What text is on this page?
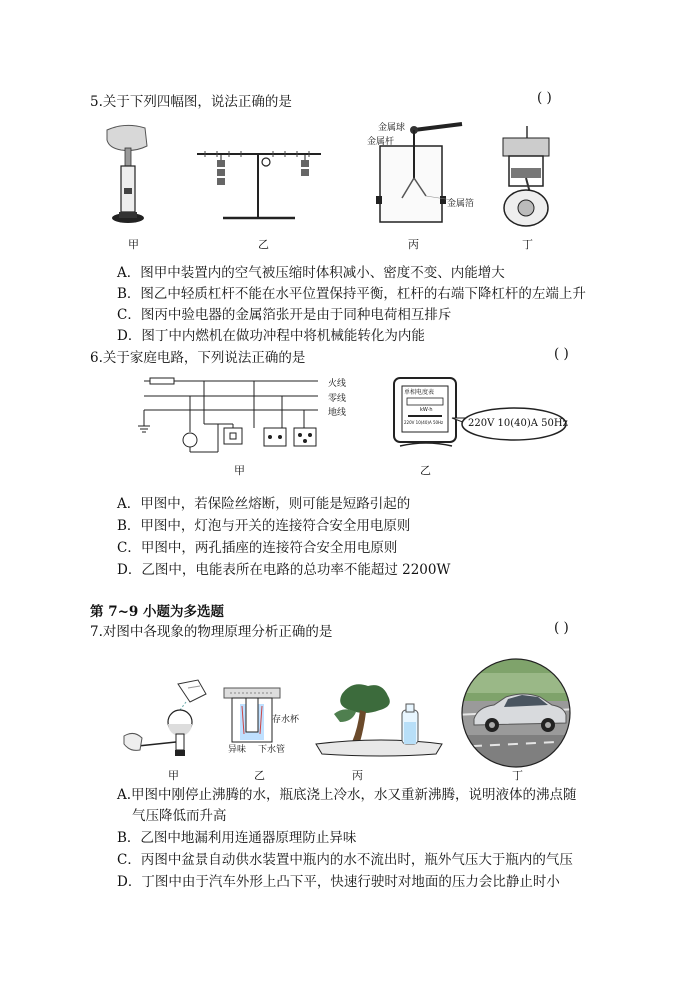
5.关于下列四幅图，说法正确的是	( )
甲	乙
金属球
金属杆
金属箔
丙	丁
A．图甲中装置内的空气被压缩时体积减小、密度不变、内能增大
B．图乙中轻质杠杆不能在水平位置保持平衡，杠杆的右端下降杠杆的左端上升
C．图丙中验电器的金属箔张开是由于同种电荷相互排斥
D．图丁中内燃机在做功冲程中将机械能转化为内能
6.关于家庭电路，下列说法正确的是	( )
火线
零线
地线
甲
单相电度表
kW·h
220V 10(40)A 50Hz 220V 10(40)A 50Hz
乙
A．甲图中，若保险丝熔断，则可能是短路引起的
B．甲图中，灯泡与开关的连接符合安全用电原则
C．甲图中，两孔插座的连接符合安全用电原则
D．乙图中，电能表所在电路的总功率不能超过 2200W
第 7~9 小题为多选题
7.对图中各现象的物理原理分析正确的是	( )
甲
存水杯
异味 下水管
乙	丙	丁
A.甲图中刚停止沸腾的水，瓶底浇上冷水，水又重新沸腾，说明液体的沸点随
气压降低而升高
B．乙图中地漏利用连通器原理防止异味
C．丙图中盆景自动供水装置中瓶内的水不流出时，瓶外气压大于瓶内的气压
D．丁图中由于汽车外形上凸下平，快速行驶时对地面的压力会比静止时小
